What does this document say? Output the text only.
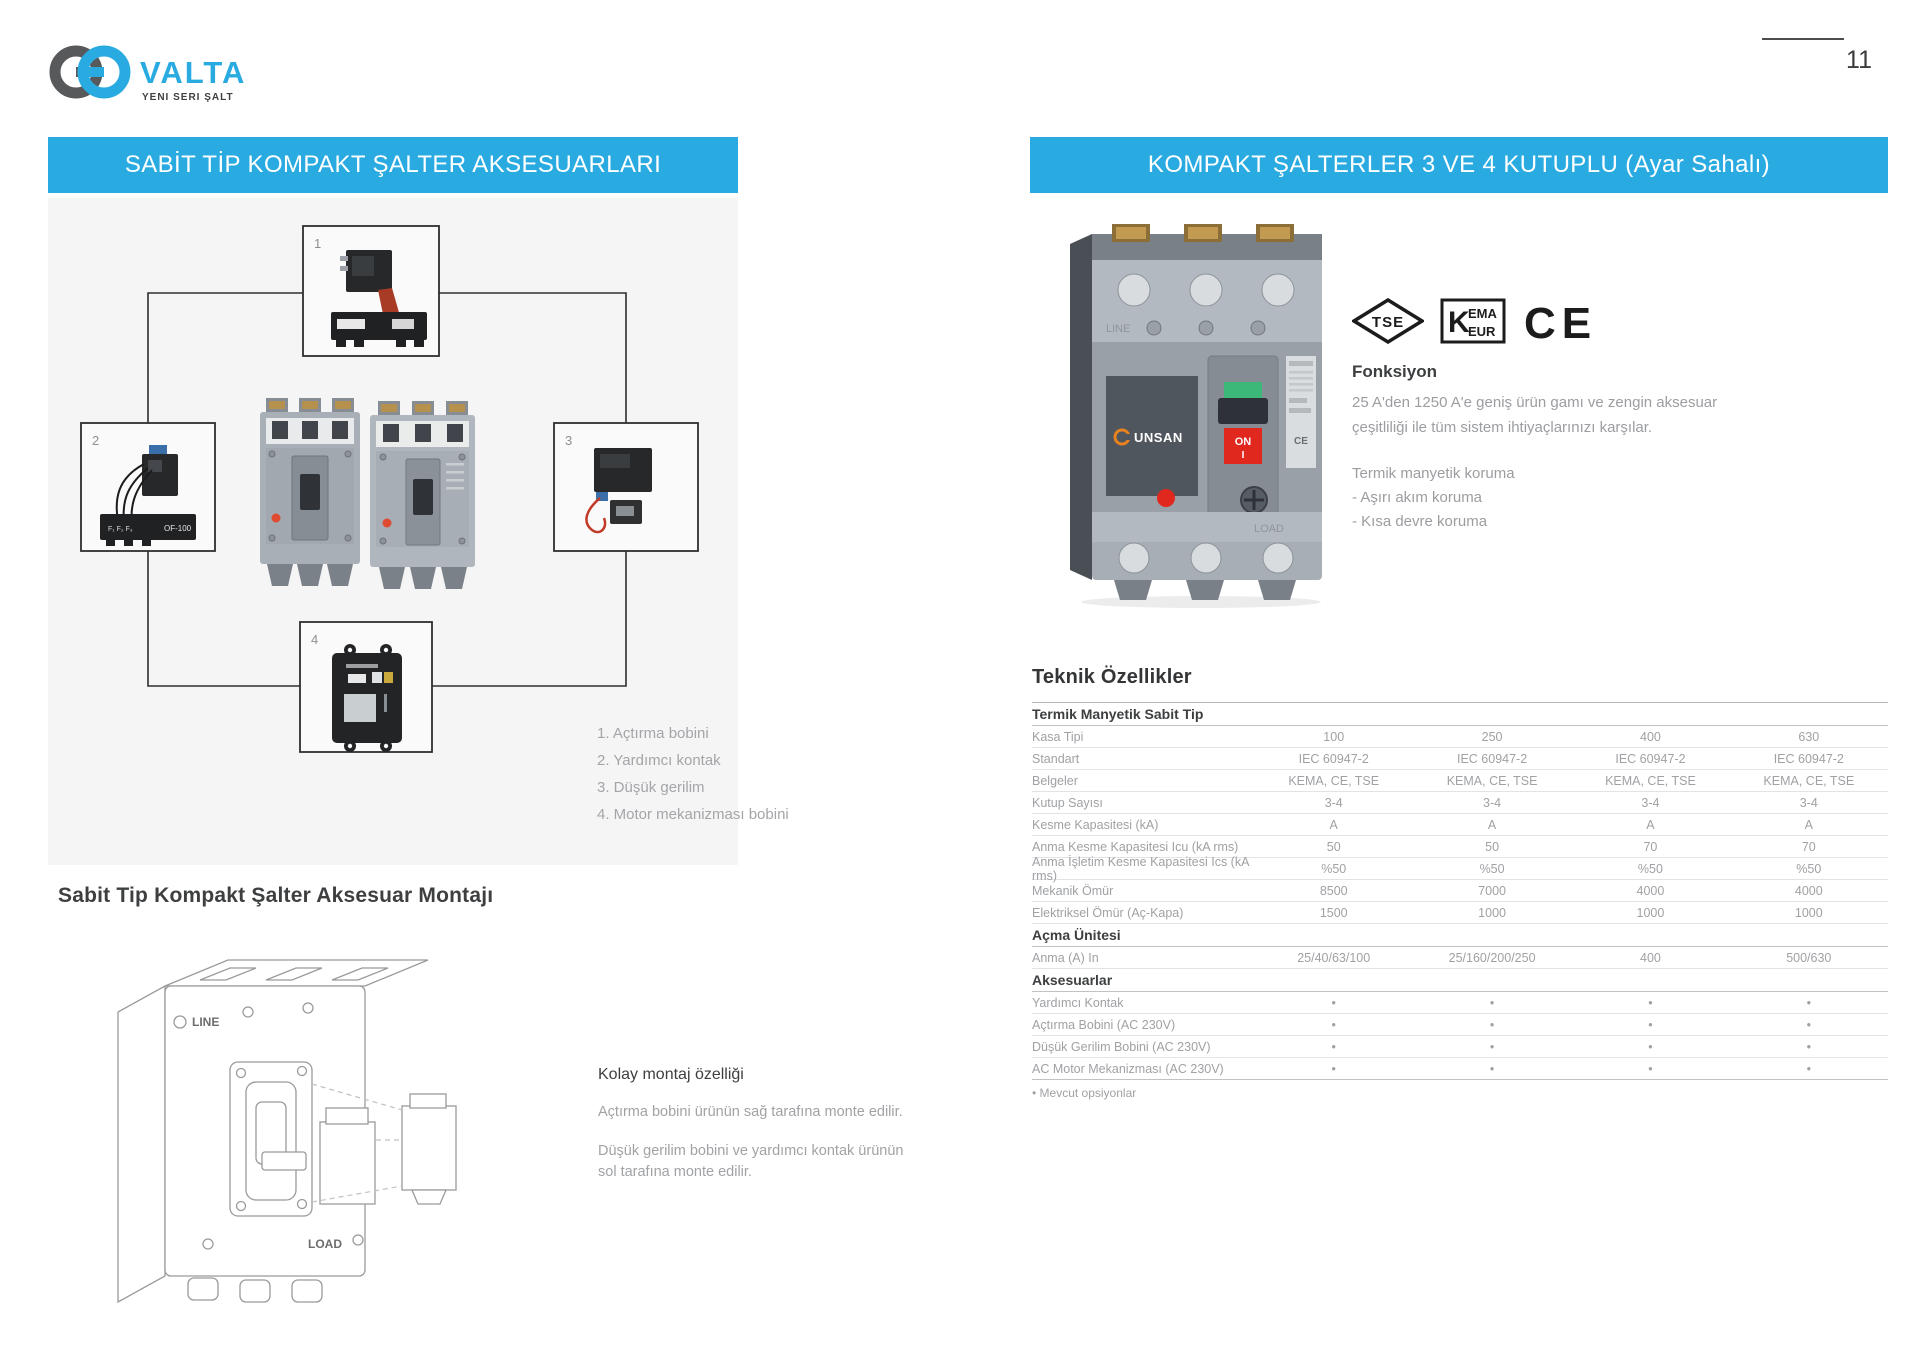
VALTA
YENI SERI ŞALT
11
SABİT TİP KOMPAKT ŞALTER AKSESUARLARI	KOMPAKT ŞALTERLER 3 VE 4 KUTUPLU (Ayar Sahalı)
1
2
F₁ F₂ F₃	OF-100
3
4
1. Açtırma bobini
2. Yardımcı kontak
3. Düşük gerilim
4. Motor mekanizması bobini
Sabit Tip Kompakt Şalter Aksesuar Montajı
LINE
LOAD
Kolay montaj özelliği

Açtırma bobini ürünün sağ tarafına monte edilir.

Düşük gerilim bobini ve yardımcı kontak ürünün sol tarafına monte edilir.

LINE
UNSAN	ON
I
CE
LOAD
TSE K
EMA
EUR CE
Fonksiyon
25 A'den 1250 A'e geniş ürün gamı ve zengin aksesuar çeşitliliği ile tüm sistem ihtiyaçlarınızı karşılar.
Termik manyetik koruma
- Aşırı akım koruma
- Kısa devre koruma
Teknik Özellikler
Termik Manyetik Sabit Tip
Kasa Tipi	100	250	400	630
Standart	IEC 60947-2	IEC 60947-2	IEC 60947-2	IEC 60947-2
Belgeler	KEMA, CE, TSE	KEMA, CE, TSE	KEMA, CE, TSE	KEMA, CE, TSE
Kutup Sayısı	3-4	3-4	3-4	3-4
Kesme Kapasitesi (kA)	A	A	A	A
Anma Kesme Kapasitesi Icu (kA rms)	50	50	70	70
Anma İşletim Kesme Kapasitesi Ics (kA rms)	%50	%50	%50	%50
Mekanik Ömür	8500	7000	4000	4000
Elektriksel Ömür (Aç-Kapa)	1500	1000	1000	1000
Açma Ünitesi
Anma (A) In	25/40/63/100	25/160/200/250	400	500/630
Aksesuarlar
Yardımcı Kontak	•	•	•	•
Açtırma Bobini (AC 230V)	•	•	•	•
Düşük Gerilim Bobini (AC 230V)	•	•	•	•
AC Motor Mekanizması (AC 230V)	•	•	•	•
• Mevcut opsiyonlar
